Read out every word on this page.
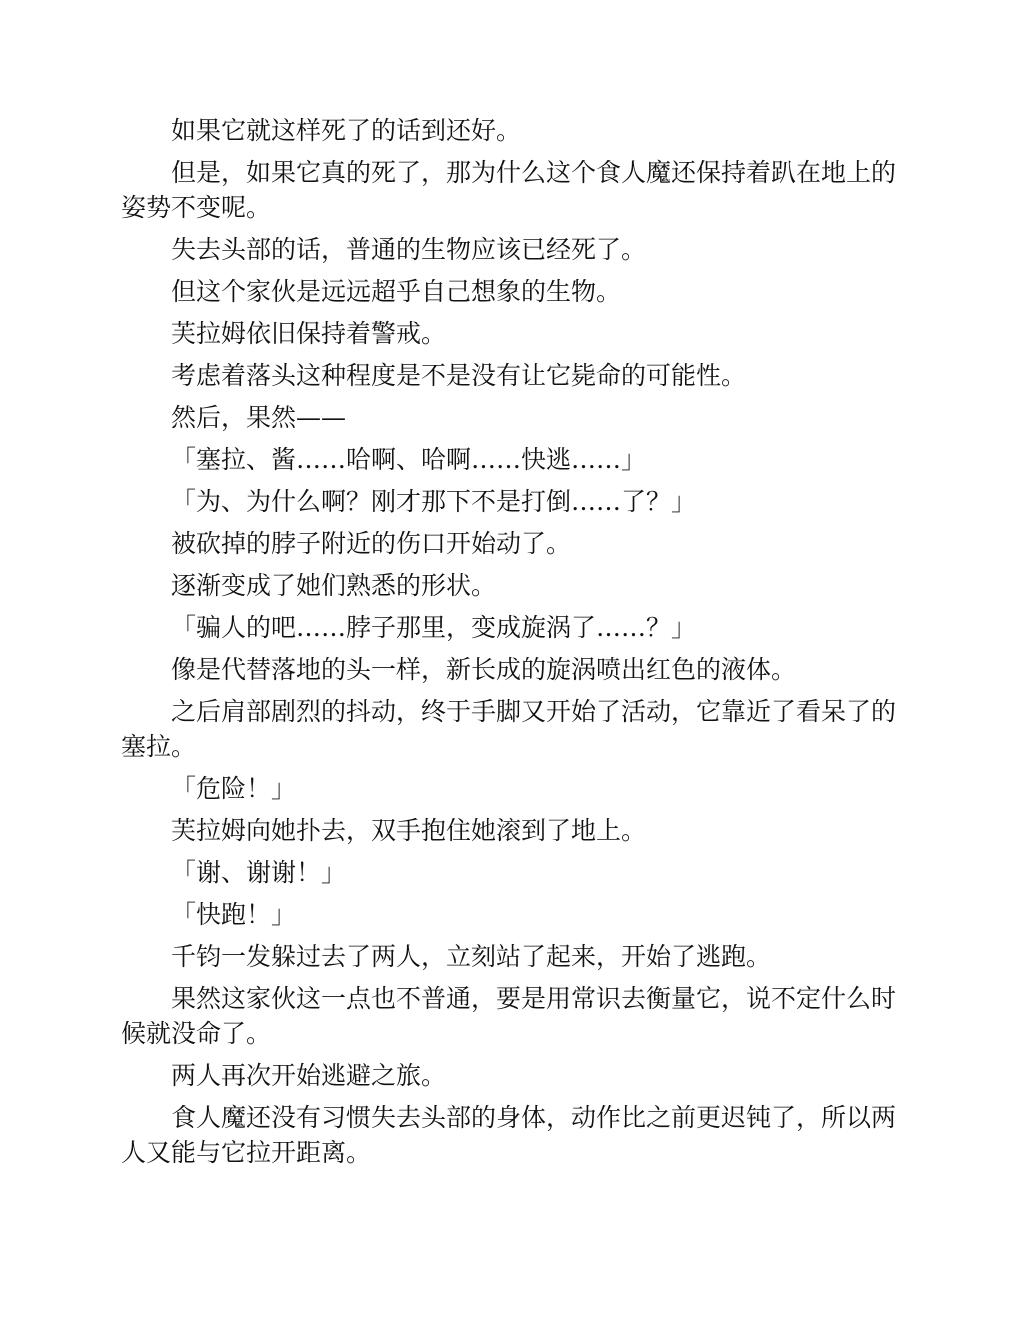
如果它就这样死了的话到还好。

但是，如果它真的死了，那为什么这个食人魔还保持着趴在地上的姿势不变呢。

失去头部的话，普通的生物应该已经死了。

但这个家伙是远远超乎自己想象的生物。

芙拉姆依旧保持着警戒。

考虑着落头这种程度是不是没有让它毙命的可能性。

然后，果然——

「塞拉、酱……哈啊、哈啊……快逃……」

「为、为什么啊？刚才那下不是打倒……了？」

被砍掉的脖子附近的伤口开始动了。

逐渐变成了她们熟悉的形状。

「骗人的吧……脖子那里，变成旋涡了……？」

像是代替落地的头一样，新长成的旋涡喷出红色的液体。

之后肩部剧烈的抖动，终于手脚又开始了活动，它靠近了看呆了的塞拉。

「危险！」

芙拉姆向她扑去，双手抱住她滚到了地上。

「谢、谢谢！」

「快跑！」

千钧一发躲过去了两人，立刻站了起来，开始了逃跑。

果然这家伙这一点也不普通，要是用常识去衡量它，说不定什么时候就没命了。

两人再次开始逃避之旅。

食人魔还没有习惯失去头部的身体，动作比之前更迟钝了，所以两人又能与它拉开距离。
